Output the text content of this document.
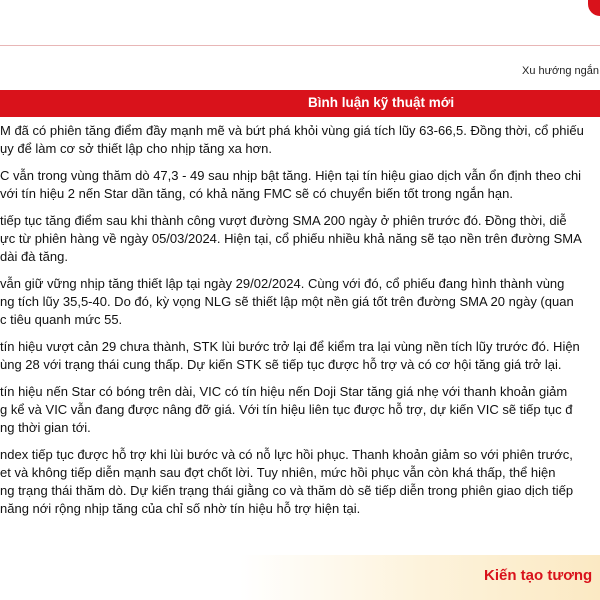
Xu hướng ngắn
Bình luận kỹ thuật mới

M đã có phiên tăng điểm đầy mạnh mẽ và bứt phá khỏi vùng giá tích lũy 63-66,5. Đồng thời, cổ phiếu
ụy để làm cơ sở thiết lập cho nhịp tăng xa hơn.

C vẫn trong vùng thăm dò 47,3 - 49 sau nhịp bật tăng. Hiện tại tín hiệu giao dịch vẫn ổn định theo chi
với tín hiệu 2 nến Star dần tăng, có khả năng FMC sẽ có chuyển biến tốt trong ngắn hạn.

tiếp tục tăng điểm sau khi thành công vượt đường SMA 200 ngày ở phiên trước đó. Đồng thời, diễ
ực từ phiên hàng về ngày 05/03/2024. Hiện tại, cổ phiếu nhiều khả năng sẽ tạo nền trên đường SMA
dài đà tăng.

vẫn giữ vững nhịp tăng thiết lập tại ngày 29/02/2024. Cùng với đó, cổ phiếu đang hình thành vùng
ng tích lũy 35,5-40. Do đó, kỳ vọng NLG sẽ thiết lập một nền giá tốt trên đường SMA 20 ngày (quan
c tiêu quanh mức 55.

tín hiệu vượt cản 29 chưa thành, STK lùi bước trở lại để kiểm tra lại vùng nền tích lũy trước đó. Hiện
ùng 28 với trạng thái cung thấp. Dự kiến STK sẽ tiếp tục được hỗ trợ và có cơ hội tăng giá trở lại.

tín hiệu nến Star có bóng trên dài, VIC có tín hiệu nến Doji Star tăng giá nhẹ với thanh khoản giảm
g kể và VIC vẫn đang được nâng đỡ giá. Với tín hiệu liên tục được hỗ trợ, dự kiến VIC sẽ tiếp tục đ
ng thời gian tới.

ndex tiếp tục được hỗ trợ khi lùi bước và có nỗ lực hồi phục. Thanh khoản giảm so với phiên trước,
et và không tiếp diễn mạnh sau đợt chốt lời. Tuy nhiên, mức hồi phục vẫn còn khá thấp, thể hiện
ng trạng thái thăm dò. Dự kiến trạng thái giằng co và thăm dò sẽ tiếp diễn trong phiên giao dịch tiếp
năng nới rộng nhịp tăng của chỉ số nhờ tín hiệu hỗ trợ hiện tại.

Kiến tạo tương
